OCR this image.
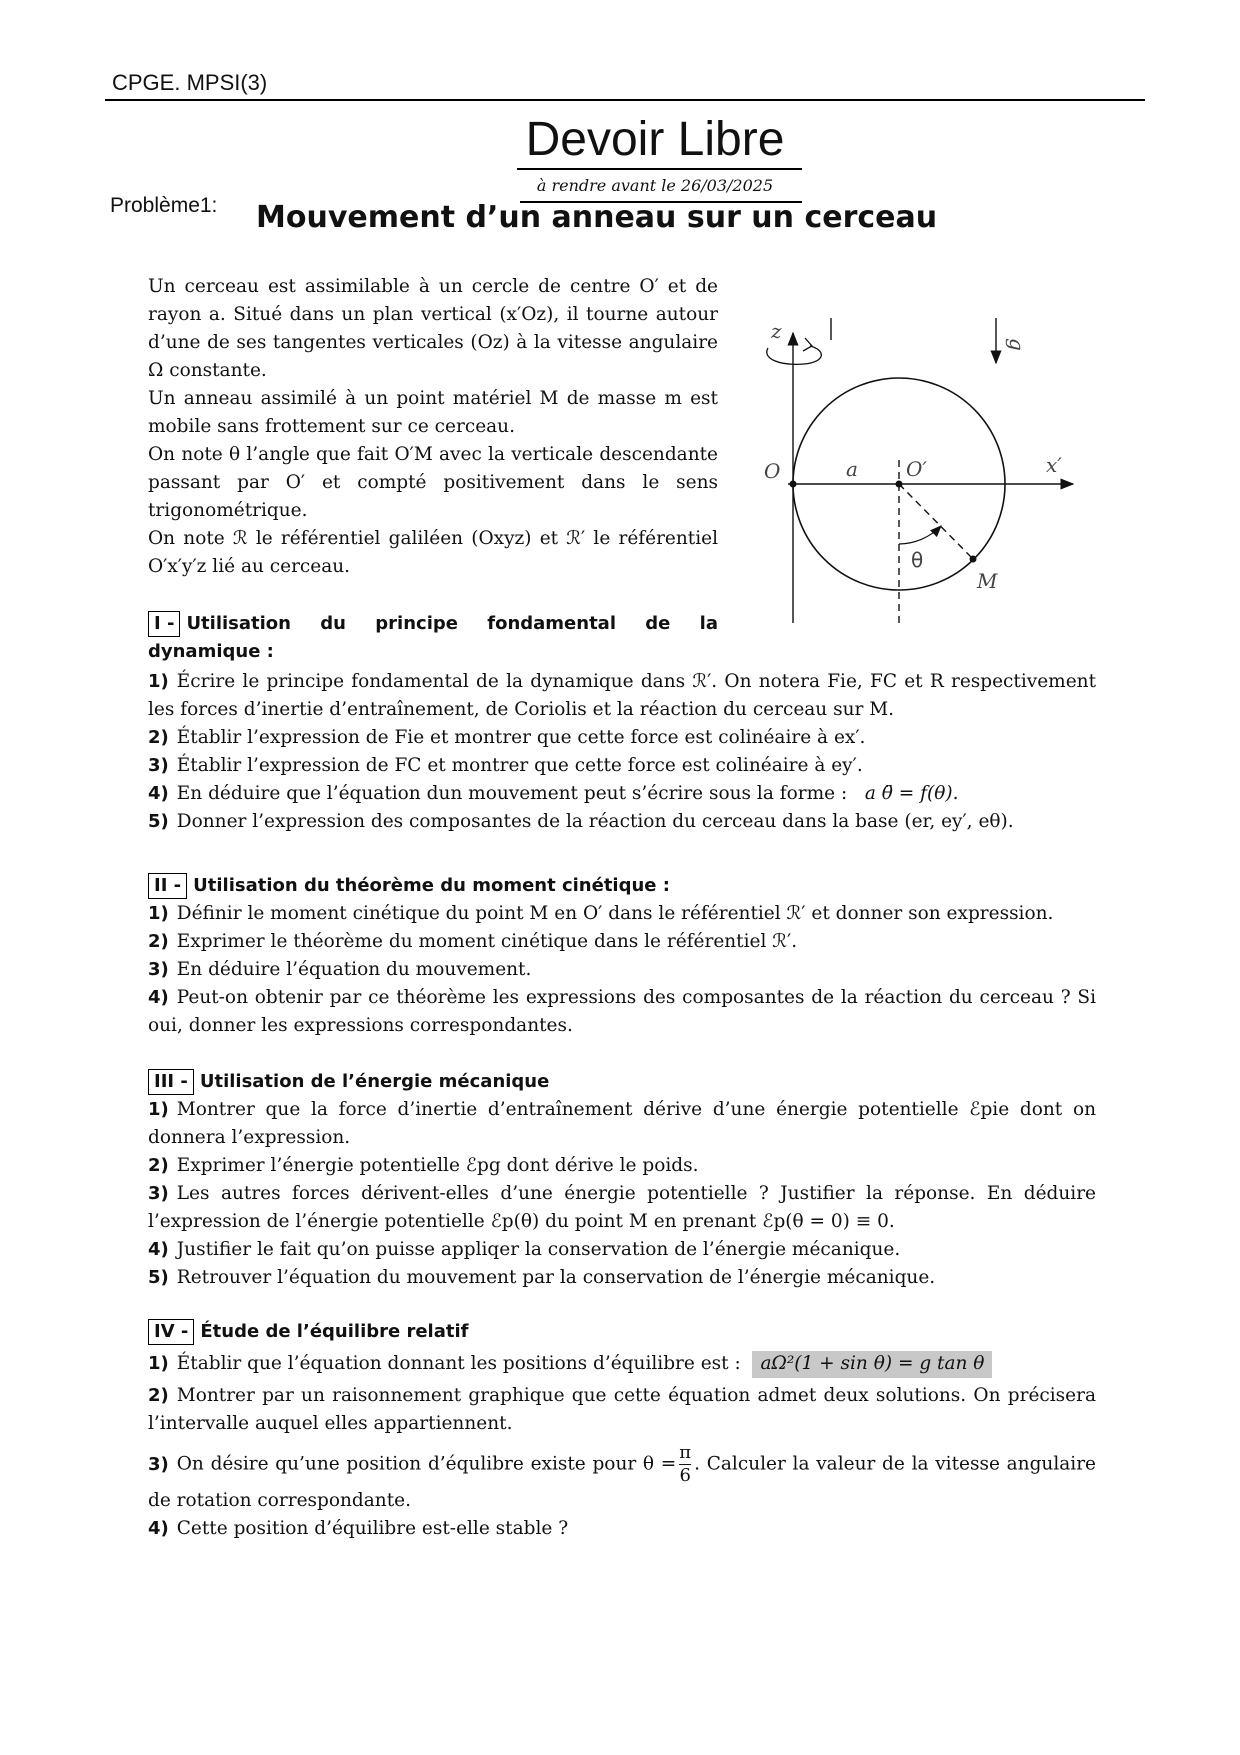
CPGE. MPSI(3)
Devoir Libre
à rendre avant le 26/03/2025
Problème1: Mouvement d’un anneau sur un cerceau

Un cerceau est assimilable à un cercle de centre O′ et de rayon a. Situé dans un plan vertical (x′Oz), il tourne autour d’une de ses tangentes verticales (Oz) à la vitesse angulaire Ω constante.

Un anneau assimilé à un point matériel M de masse m est mobile sans frottement sur ce cerceau.

On note θ l’angle que fait O′M avec la verticale descendante passant par O′ et compté positivement dans le sens trigonométrique.

On note ℛ le référentiel galiléen (Oxyz) et ℛ′ le référentiel O′x′y′z lié au cerceau.

z
g
O	a O′	x′
θ
M
I - Utilisation du principe fondamental de la dynamique :

1) Écrire le principe fondamental de la dynamique dans ℛ′. On notera Fie, FC et R respectivement les forces d’inertie d’entraînement, de Coriolis et la réaction du cerceau sur M.

2) Établir l’expression de Fie et montrer que cette force est colinéaire à ex′.

3) Établir l’expression de FC et montrer que cette force est colinéaire à ey′.

4) En déduire que l’équation dun mouvement peut s’écrire sous la forme : a θ̈ = f(θ).

5) Donner l’expression des composantes de la réaction du cerceau dans la base (er, ey′, eθ).

II - Utilisation du théorème du moment cinétique :

1) Définir le moment cinétique du point M en O′ dans le référentiel ℛ′ et donner son expression.

2) Exprimer le théorème du moment cinétique dans le référentiel ℛ′.

3) En déduire l’équation du mouvement.

4) Peut-on obtenir par ce théorème les expressions des composantes de la réaction du cerceau ? Si oui, donner les expressions correspondantes.

III - Utilisation de l’énergie mécanique

1) Montrer que la force d’inertie d’entraînement dérive d’une énergie potentielle ℰpie dont on donnera l’expression.

2) Exprimer l’énergie potentielle ℰpg dont dérive le poids.

3) Les autres forces dérivent-elles d’une énergie potentielle ? Justifier la réponse. En déduire l’expression de l’énergie potentielle ℰp(θ) du point M en prenant ℰp(θ = 0) ≡ 0.

4) Justifier le fait qu’on puisse appliqer la conservation de l’énergie mécanique.

5) Retrouver l’équation du mouvement par la conservation de l’énergie mécanique.

IV - Étude de l’équilibre relatif

1) Établir que l’équation donnant les positions d’équilibre est : aΩ²(1 + sin θ) = g tan θ

2) Montrer par un raisonnement graphique que cette équation admet deux solutions. On précisera l’intervalle auquel elles appartiennent.

3) On désire qu’une position d’équlibre existe pour $\theta = \frac{\pi}{6}$ . Calculer la valeur de la vitesse angulaire de rotation correspondante.

4) Cette position d’équilibre est-elle stable ?
